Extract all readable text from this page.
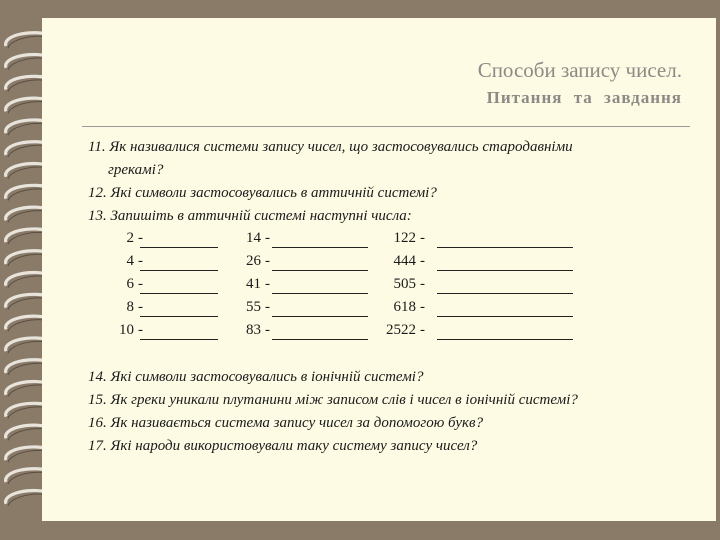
Способи запису чисел.
Питання та завдання
11. Як називалися системи запису чисел, що застосовувались стародавніми
грекамі?
12. Які символи застосовувались в аттичній системі?
13. Запишіть в аттичній системі наступні числа:
14. Які символи застосовувались в іонічній системі?
15. Як греки уникали плутанини між записом слів і чисел в іонічній системі?
16. Як називається система запису чисел за допомогою букв?
17. Які народи використовували таку систему запису чисел?
2 -	14 -	122 -
4 -	26 -	444 -
6 -	41 -	505 -
8 -	55 -	618 -
10 -	83 -	2522 -
